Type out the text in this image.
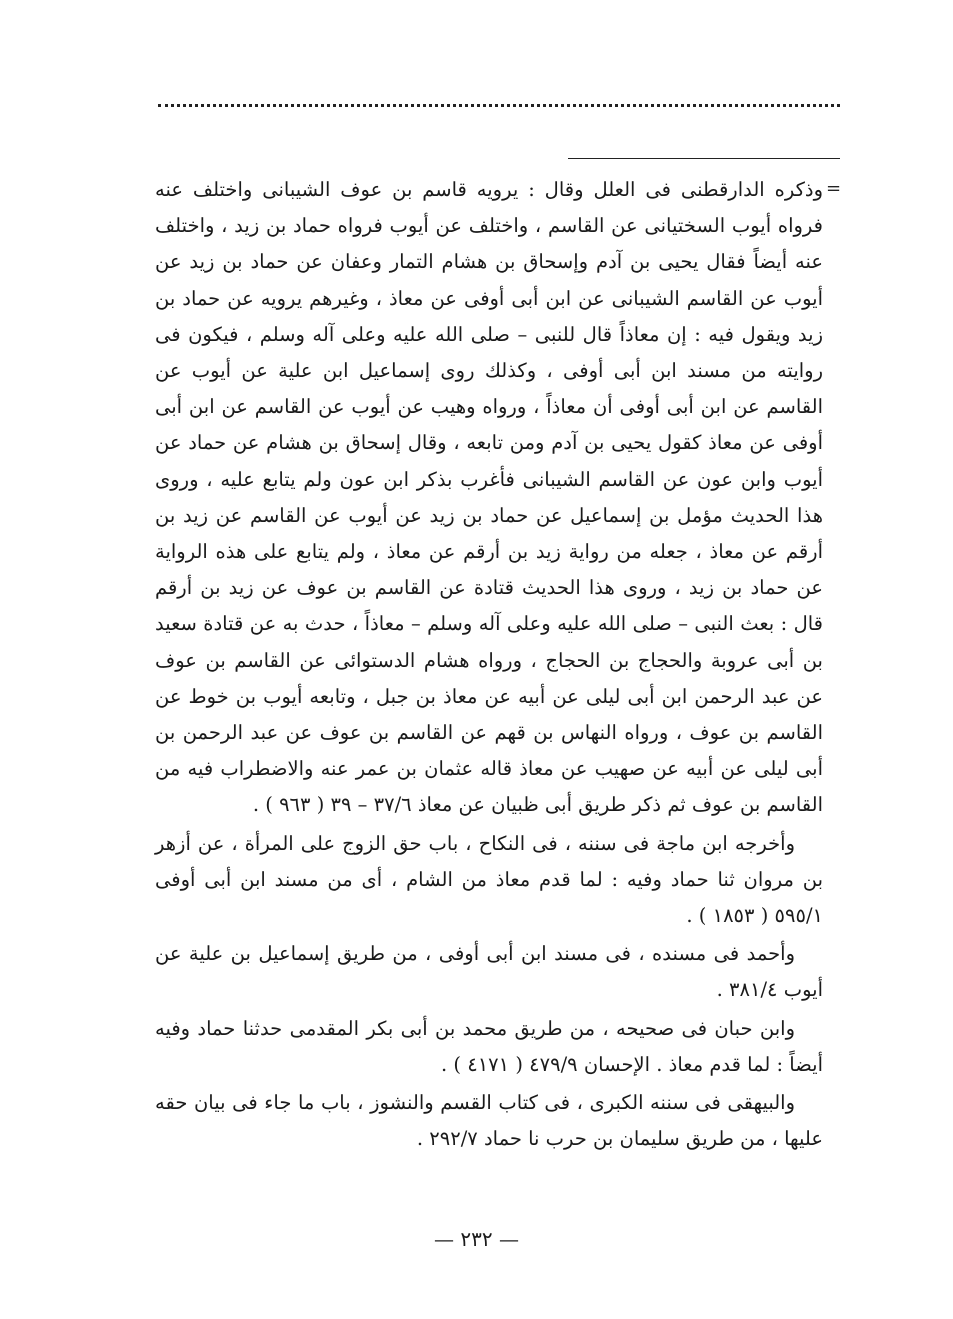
=

وذكره الدارقطنى فى العلل وقال : يرويه قاسم بن عوف الشيبانى واختلف عنه فرواه أيوب السختيانى عن القاسم ، واختلف عن أيوب فرواه حماد بن زيد ، واختلف عنه أيضاً فقال يحيى بن آدم وإسحاق بن هشام التمار وعفان عن حماد بن زيد عن أيوب عن القاسم الشيبانى عن ابن أبى أوفى عن معاذ ، وغيرهم يرويه عن حماد بن زيد ويقول فيه : إن معاذاً قال للنبى – صلى الله عليه وعلى آله وسلم ، فيكون فى روايته من مسند ابن أبى أوفى ، وكذلك روى إسماعيل ابن علية عن أيوب عن القاسم عن ابن أبى أوفى أن معاذاً ، ورواه وهيب عن أيوب عن القاسم عن ابن أبى أوفى عن معاذ كقول يحيى بن آدم ومن تابعه ، وقال إسحاق بن هشام عن حماد عن أيوب وابن عون عن القاسم الشيبانى فأغرب بذكر ابن عون ولم يتابع عليه ، وروى هذا الحديث مؤمل بن إسماعيل عن حماد بن زيد عن أيوب عن القاسم عن زيد بن أرقم عن معاذ ، جعله من رواية زيد بن أرقم عن معاذ ، ولم يتابع على هذه الرواية عن حماد بن زيد ، وروى هذا الحديث قتادة عن القاسم بن عوف عن زيد بن أرقم قال : بعث النبى – صلى الله عليه وعلى آله وسلم – معاذاً ، حدث به عن قتادة سعيد بن أبى عروبة والحجاج بن الحجاج ، ورواه هشام الدستوائى عن القاسم بن عوف عن عبد الرحمن ابن أبى ليلى عن أبيه عن معاذ بن جبل ، وتابعه أيوب بن خوط عن القاسم بن عوف ، ورواه النهاس بن قهم عن القاسم بن عوف عن عبد الرحمن بن أبى ليلى عن أبيه عن صهيب عن معاذ قاله عثمان بن عمر عنه والاضطراب فيه من القاسم بن عوف ثم ذكر طريق أبى ظبيان عن معاذ ٣٧/٦ – ٣٩ ( ٩٦٣ ) .

وأخرجه ابن ماجة فى سننه ، فى النكاح ، باب حق الزوج على المرأة ، عن أزهر بن مروان ثنا حماد وفيه : لما قدم معاذ من الشام ، أى من مسند ابن أبى أوفى ٥٩٥/١ ( ١٨٥٣ ) .

وأحمد فى مسنده ، فى مسند ابن أبى أوفى ، من طريق إسماعيل بن علية عن أيوب ٣٨١/٤ .

وابن حبان فى صحيحه ، من طريق محمد بن أبى بكر المقدمى حدثنا حماد وفيه أيضاً : لما قدم معاذ . الإحسان ٤٧٩/٩ ( ٤١٧١ ) .

والبيهقى فى سننه الكبرى ، فى كتاب القسم والنشوز ، باب ما جاء فى بيان حقه عليها ، من طريق سليمان بن حرب نا حماد ٢٩٢/٧ .

— ٢٣٢ —
